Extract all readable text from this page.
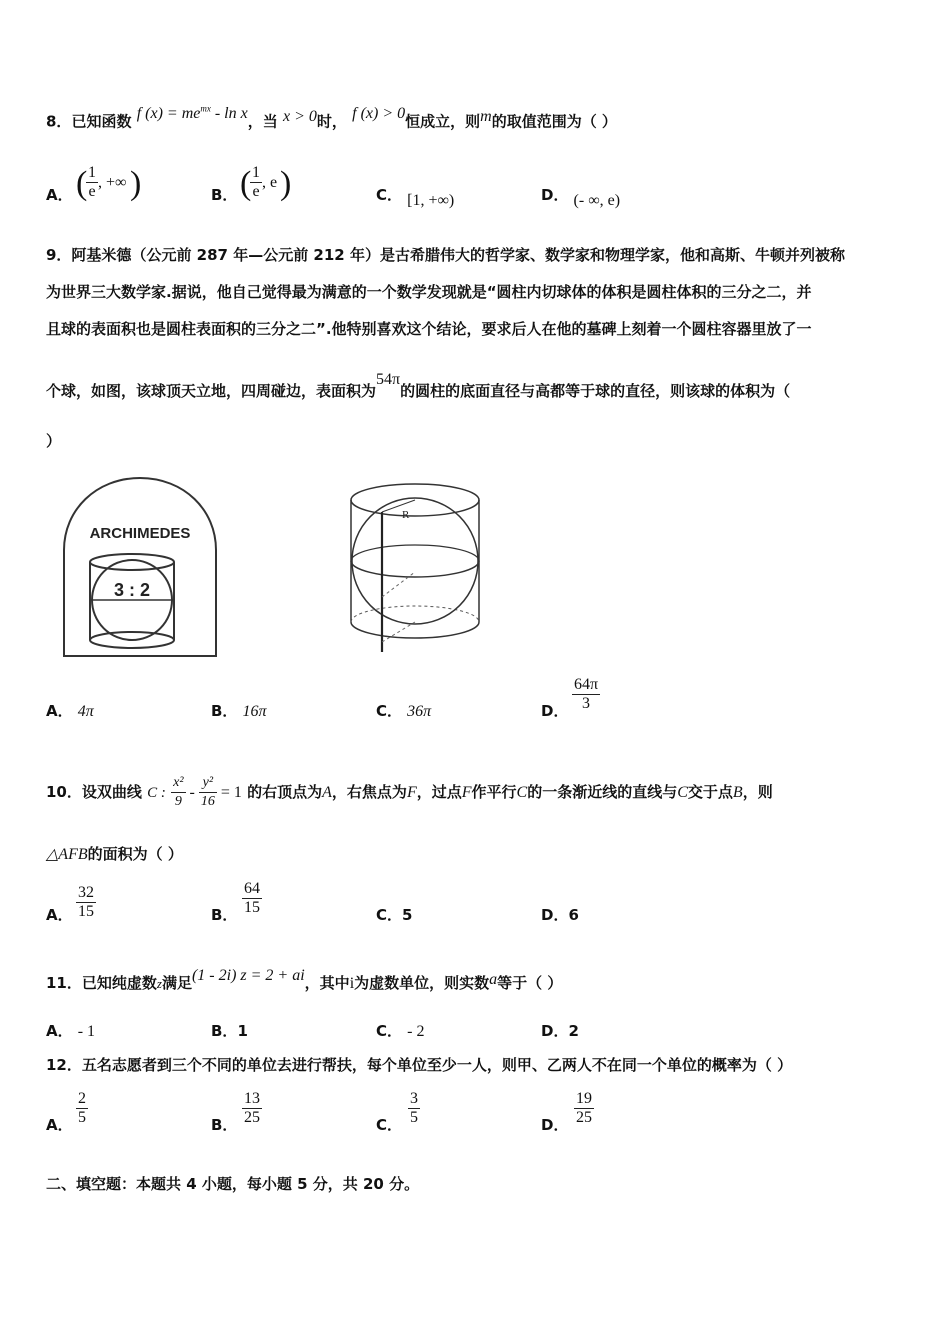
8．已知函数 f $(x) = me^{mx} - \ln x$，当 x > 0时， f (x) > 0恒成立，则m的取值范围为（ ）
A． (
$\frac{1}{e}$ , +∞ )	B． (
$\frac{1}{e}$ , e )	C． [1, +∞)	D． (- ∞, e)
9．阿基米德（公元前 287 年—公元前 212 年）是古希腊伟大的哲学家、数学家和物理学家，他和高斯、牛顿并列被称
为世界三大数学家.据说，他自己觉得最为满意的一个数学发现就是“圆柱内切球体的体积是圆柱体积的三分之二，并
且球的表面积也是圆柱表面积的三分之二”.他特别喜欢这个结论，要求后人在他的墓碑上刻着一个圆柱容器里放了一
个球，如图，该球顶天立地，四周碰边，表面积为54π的圆柱的底面直径与高都等于球的直径，则该球的体积为（
）
ARCHIMEDES
3 : 2
R
A． 4π	B． 16π	C． 36π	D． $\frac{64\pi}{3}$
10．设双曲线 C : $\frac{\text{x²}}{9} - \frac{\text{y²}}{16} = 1$ 的右顶点为A，右焦点为F，过点F作平行C的一条渐近线的直线与C交于点B，则
△AFB的面积为（ ）
A． $\frac{32}{15}$	B． $\frac{64}{15}$	C．5	D．6
11．已知纯虚数z满足(1 - 2i) z = 2 + ai，其中i为虚数单位，则实数a等于（ ）
A． - 1	B．1	C． - 2	D．2
12．五名志愿者到三个不同的单位去进行帮扶，每个单位至少一人，则甲、乙两人不在同一个单位的概率为（ ）
A． $\frac{2}{5}$	B． $\frac{13}{25}$	C． $\frac{3}{5}$	D． $\frac{19}{25}$
二、填空题：本题共 4 小题，每小题 5 分，共 20 分。
